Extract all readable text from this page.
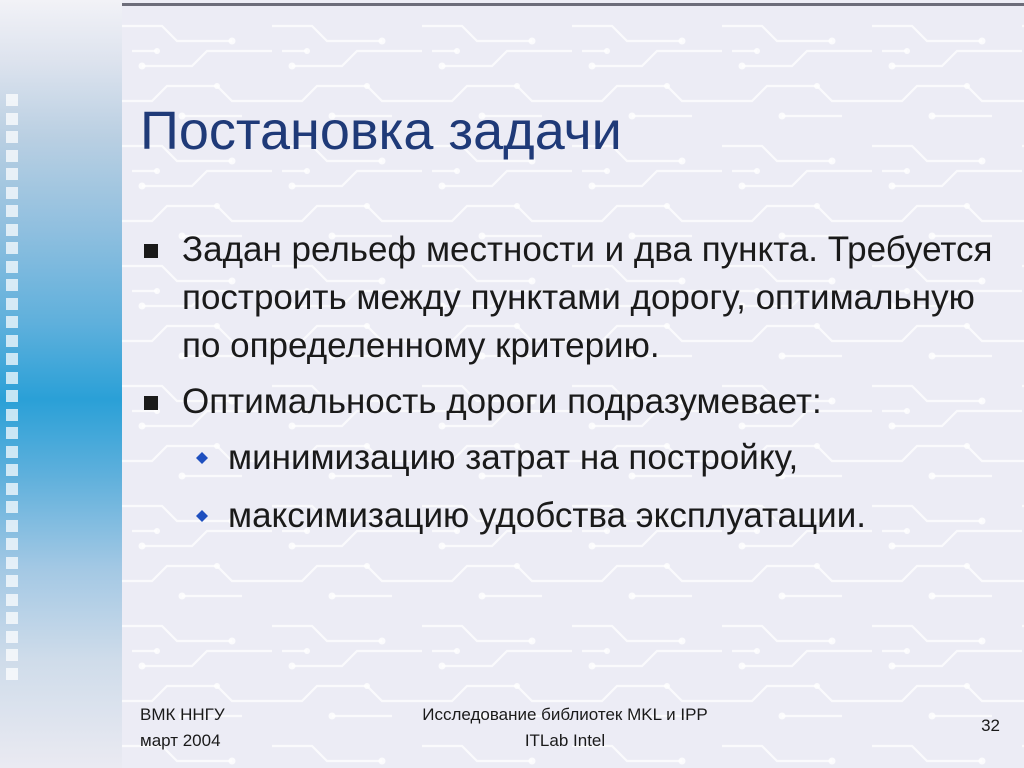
Постановка задачи
Задан рельеф местности и два пункта. Требуется построить между пунктами дорогу, оптимальную по определенному критерию.
Оптимальность дороги подразумевает:
минимизацию затрат на постройку,
максимизацию удобства эксплуатации.
ВМК ННГУ
март 2004
Исследование библиотек MKL и IPP
ITLab Intel
32
